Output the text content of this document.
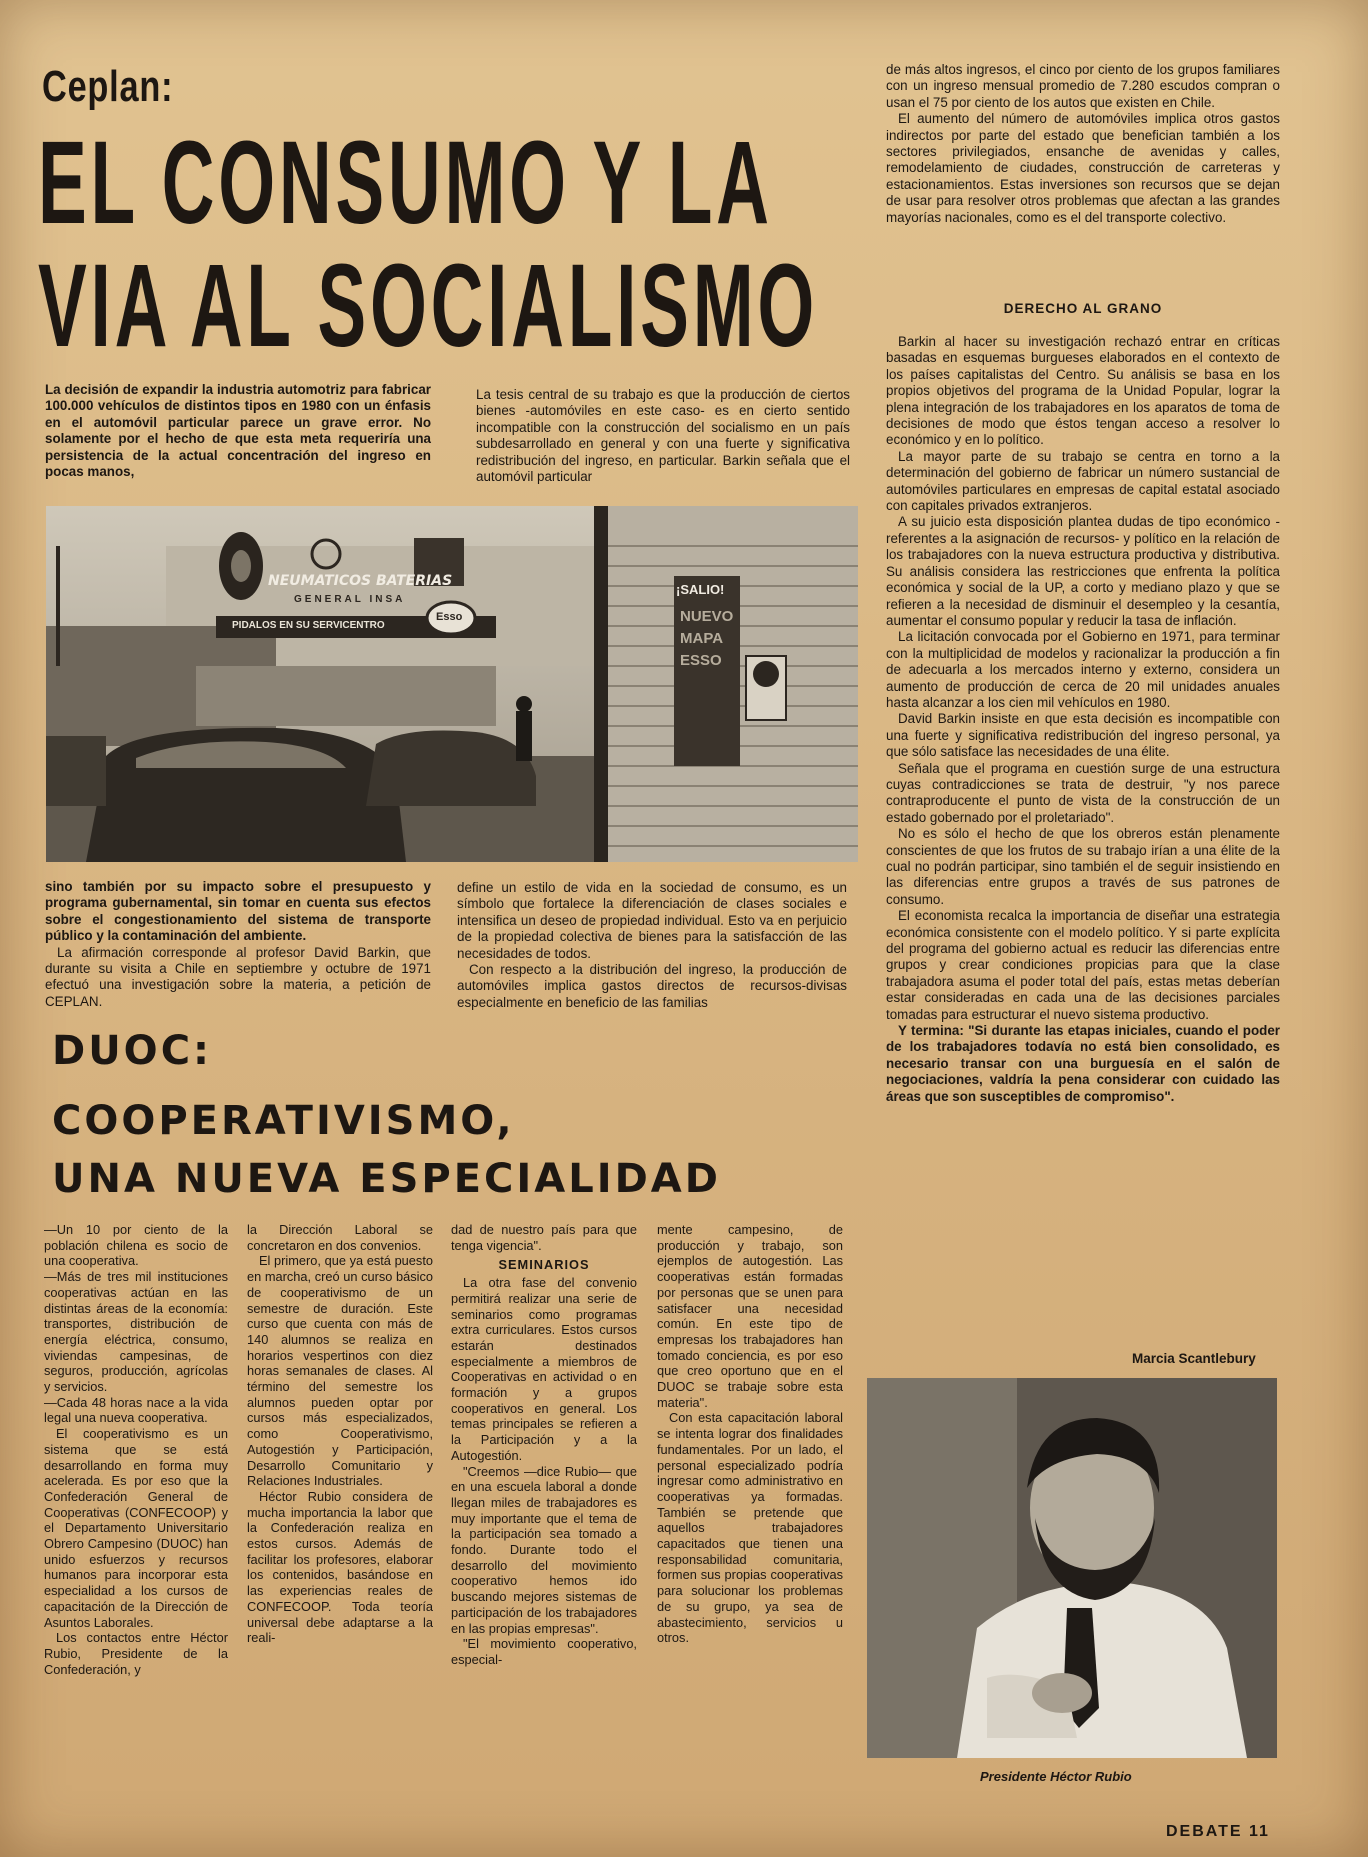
Ceplan:
EL CONSUMO Y LA
VIA AL SOCIALISMO
La decisión de expandir la industria automotriz para fabricar 100.000 vehículos de distintos tipos en 1980 con un énfasis en el automóvil particular parece un grave error. No solamente por el hecho de que esta meta requeriría una persistencia de la actual concentración del ingreso en pocas manos,
La tesis central de su trabajo es que la producción de ciertos bienes -automóviles en este caso- es en cierto sentido incompatible con la construcción del socialismo en un país subdesarrollado en general y con una fuerte y significativa redistribución del ingreso, en particular. Barkin señala que el automóvil particular
NEUMATICOS BATERIAS
GENERAL INSA
PIDALOS EN SU SERVICENTRO
Esso
¡SALIO!
NUEVO MAPA ESSO
sino también por su impacto sobre el presupuesto y programa gubernamental, sin tomar en cuenta sus efectos sobre el congestionamiento del sistema de transporte público y la contaminación del ambiente.

La afirmación corresponde al profesor David Barkin, que durante su visita a Chile en septiembre y octubre de 1971 efectuó una investigación sobre la materia, a petición de CEPLAN.

define un estilo de vida en la sociedad de consumo, es un símbolo que fortalece la diferenciación de clases sociales e intensifica un deseo de propiedad individual. Esto va en perjuicio de la propiedad colectiva de bienes para la satisfacción de las necesidades de todos.

Con respecto a la distribución del ingreso, la producción de automóviles implica gastos directos de recursos-divisas especialmente en beneficio de las familias

de más altos ingresos, el cinco por ciento de los grupos familiares con un ingreso mensual promedio de 7.280 escudos compran o usan el 75 por ciento de los autos que existen en Chile.

El aumento del número de automóviles implica otros gastos indirectos por parte del estado que benefician también a los sectores privilegiados, ensanche de avenidas y calles, remodelamiento de ciudades, construcción de carreteras y estacionamientos. Estas inversiones son recursos que se dejan de usar para resolver otros problemas que afectan a las grandes mayorías nacionales, como es el del transporte colectivo.

DERECHO AL GRANO

Barkin al hacer su investigación rechazó entrar en críticas basadas en esquemas burgueses elaborados en el contexto de los países capitalistas del Centro. Su análisis se basa en los propios objetivos del programa de la Unidad Popular, lograr la plena integración de los trabajadores en los aparatos de toma de decisiones de modo que éstos tengan acceso a resolver lo económico y en lo político.

La mayor parte de su trabajo se centra en torno a la determinación del gobierno de fabricar un número sustancial de automóviles particulares en empresas de capital estatal asociado con capitales privados extranjeros.

A su juicio esta disposición plantea dudas de tipo económico -referentes a la asignación de recursos- y político en la relación de los trabajadores con la nueva estructura productiva y distributiva. Su análisis considera las restricciones que enfrenta la política económica y social de la UP, a corto y mediano plazo y que se refieren a la necesidad de disminuir el desempleo y la cesantía, aumentar el consumo popular y reducir la tasa de inflación.

La licitación convocada por el Gobierno en 1971, para terminar con la multiplicidad de modelos y racionalizar la producción a fin de adecuarla a los mercados interno y externo, considera un aumento de producción de cerca de 20 mil unidades anuales hasta alcanzar a los cien mil vehículos en 1980.

David Barkin insiste en que esta decisión es incompatible con una fuerte y significativa redistribución del ingreso personal, ya que sólo satisface las necesidades de una élite.

Señala que el programa en cuestión surge de una estructura cuyas contradicciones se trata de destruir, "y nos parece contraproducente el punto de vista de la construcción de un estado gobernado por el proletariado".

No es sólo el hecho de que los obreros están plenamente conscientes de que los frutos de su trabajo irían a una élite de la cual no podrán participar, sino también el de seguir insistiendo en las diferencias entre grupos a través de sus patrones de consumo.

El economista recalca la importancia de diseñar una estrategia económica consistente con el modelo político. Y si parte explícita del programa del gobierno actual es reducir las diferencias entre grupos y crear condiciones propicias para que la clase trabajadora asuma el poder total del país, estas metas deberían estar consideradas en cada una de las decisiones parciales tomadas para estructurar el nuevo sistema productivo.

Y termina: "Si durante las etapas iniciales, cuando el poder de los trabajadores todavía no está bien consolidado, es necesario transar con una burguesía en el salón de negociaciones, valdría la pena considerar con cuidado las áreas que son susceptibles de compromiso".

Marcia Scantlebury
DUOC:
COOPERATIVISMO,
UNA NUEVA ESPECIALIDAD

—Un 10 por ciento de la población chilena es socio de una cooperativa.

—Más de tres mil instituciones cooperativas actúan en las distintas áreas de la economía: transportes, distribución de energía eléctrica, consumo, viviendas campesinas, de seguros, producción, agrícolas y servicios.

—Cada 48 horas nace a la vida legal una nueva cooperativa.

El cooperativismo es un sistema que se está desarrollando en forma muy acelerada. Es por eso que la Confederación General de Cooperativas (CONFECOOP) y el Departamento Universitario Obrero Campesino (DUOC) han unido esfuerzos y recursos humanos para incorporar esta especialidad a los cursos de capacitación de la Dirección de Asuntos Laborales.

Los contactos entre Héctor Rubio, Presidente de la Confederación, y

la Dirección Laboral se concretaron en dos convenios.

El primero, que ya está puesto en marcha, creó un curso básico de cooperativismo de un semestre de duración. Este curso que cuenta con más de 140 alumnos se realiza en horarios vespertinos con diez horas semanales de clases. Al término del semestre los alumnos pueden optar por cursos más especializados, como Cooperativismo, Autogestión y Participación, Desarrollo Comunitario y Relaciones Industriales.

Héctor Rubio considera de mucha importancia la labor que la Confederación realiza en estos cursos. Además de facilitar los profesores, elaborar los contenidos, basándose en las experiencias reales de CONFECOOP. Toda teoría universal debe adaptarse a la reali-

dad de nuestro país para que tenga vigencia".

SEMINARIOS

La otra fase del convenio permitirá realizar una serie de seminarios como programas extra curriculares. Estos cursos estarán destinados especialmente a miembros de Cooperativas en actividad o en formación y a grupos cooperativos en general. Los temas principales se refieren a la Participación y a la Autogestión.

"Creemos —dice Rubio— que en una escuela laboral a donde llegan miles de trabajadores es muy importante que el tema de la participación sea tomado a fondo. Durante todo el desarrollo del movimiento cooperativo hemos ido buscando mejores sistemas de participación de los trabajadores en las propias empresas".

"El movimiento cooperativo, especial-

mente campesino, de producción y trabajo, son ejemplos de autogestión. Las cooperativas están formadas por personas que se unen para satisfacer una necesidad común. En este tipo de empresas los trabajadores han tomado conciencia, es por eso que creo oportuno que en el DUOC se trabaje sobre esta materia".

Con esta capacitación laboral se intenta lograr dos finalidades fundamentales. Por un lado, el personal especializado podría ingresar como administrativo en cooperativas ya formadas. También se pretende que aquellos trabajadores capacitados que tienen una responsabilidad comunitaria, formen sus propias cooperativas para solucionar los problemas de su grupo, ya sea de abastecimiento, servicios u otros.

Presidente Héctor Rubio
DEBATE 11
